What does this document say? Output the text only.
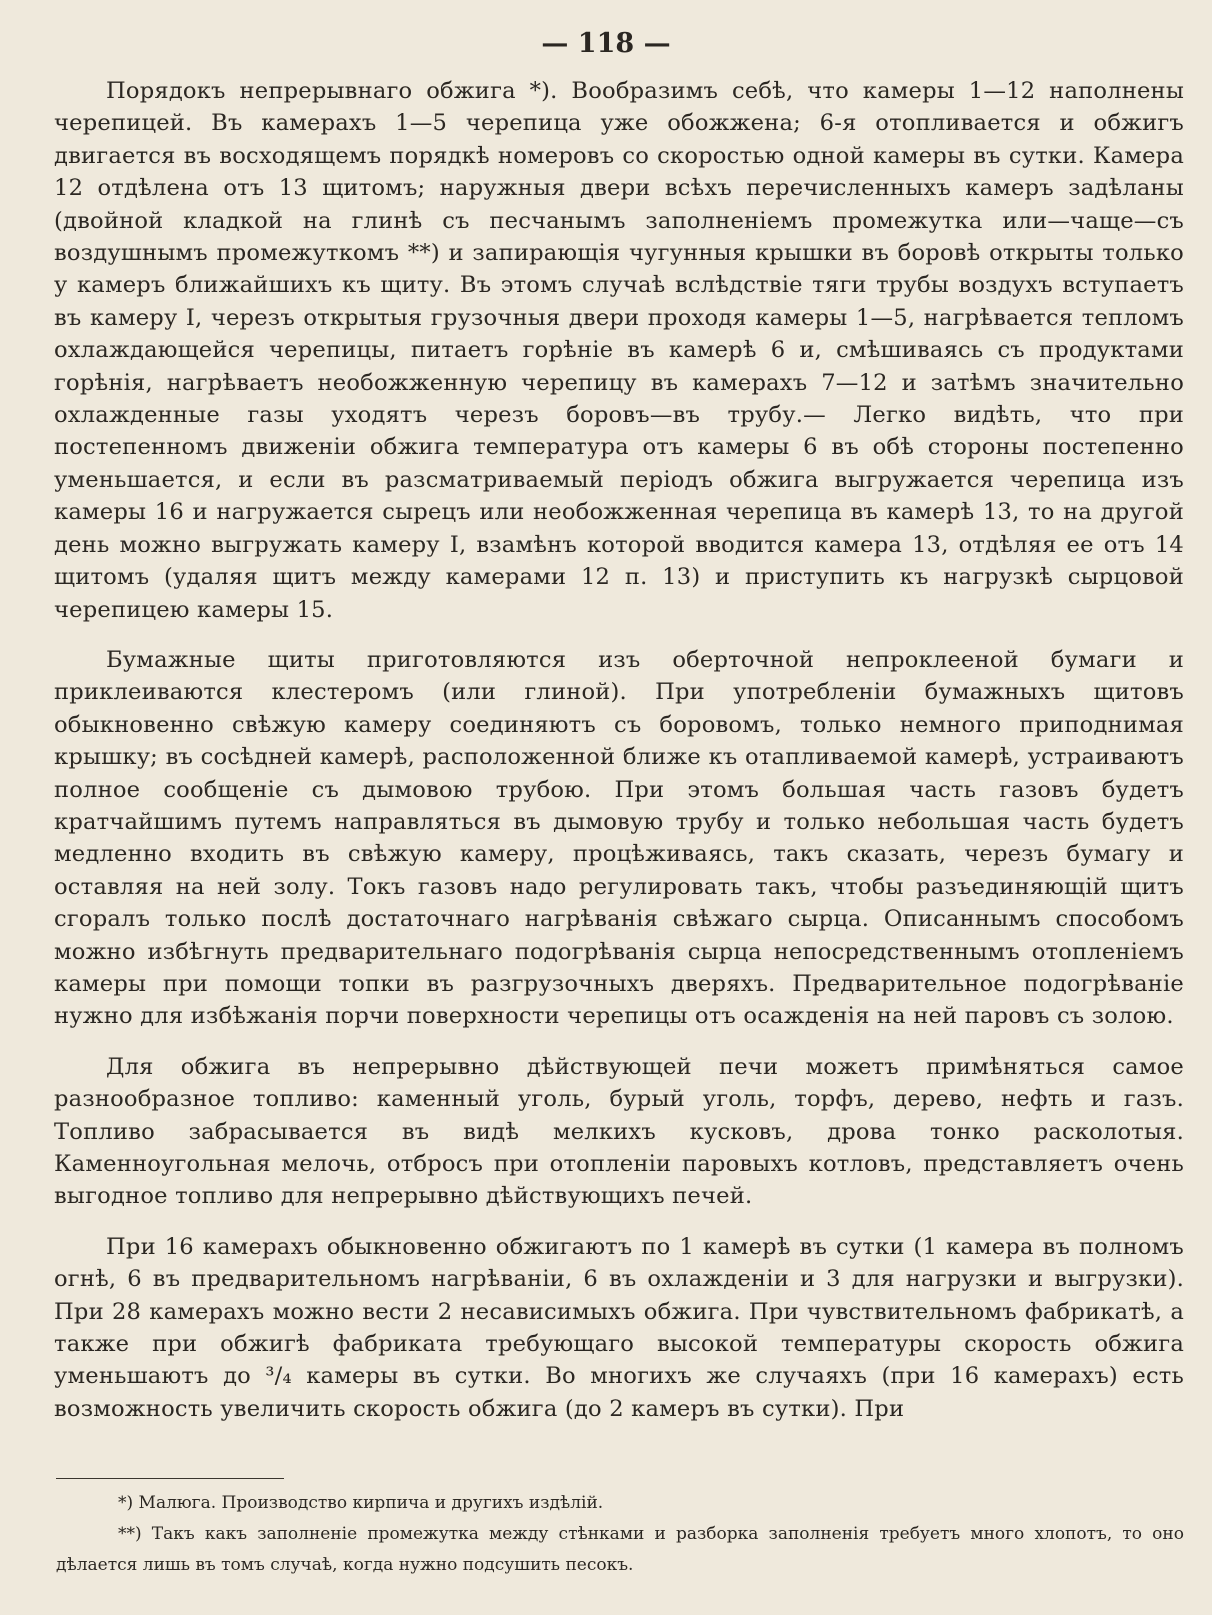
— 118 —

Порядокъ непрерывнаго обжига *). Вообразимъ себѣ, что камеры 1—12 наполнены черепицей. Въ камерахъ 1—5 черепица уже обожжена; 6-я отопливается и обжигъ двигается въ восходящемъ порядкѣ номеровъ со скоростью одной камеры въ сутки. Камера 12 отдѣлена отъ 13 щитомъ; наружныя двери всѣхъ перечисленныхъ камеръ задѣланы (двойной кладкой на глинѣ съ песчанымъ заполненіемъ промежутка или—чаще—съ воздушнымъ промежуткомъ **) и запирающія чугунныя крышки въ боровѣ открыты только у камеръ ближайшихъ къ щиту. Въ этомъ случаѣ вслѣдствіе тяги трубы воздухъ вступаетъ въ камеру I, черезъ открытыя грузочныя двери проходя камеры 1—5, нагрѣвается тепломъ охлаждающейся черепицы, питаетъ горѣніе въ камерѣ 6 и, смѣшиваясь съ продуктами горѣнія, нагрѣваетъ необожженную черепицу въ камерахъ 7—12 и затѣмъ значительно охлажденные газы уходятъ черезъ боровъ—въ трубу.— Легко видѣть, что при постепенномъ движеніи обжига температура отъ камеры 6 въ обѣ стороны постепенно уменьшается, и если въ разсматриваемый періодъ обжига выгружается черепица изъ камеры 16 и нагружается сырецъ или необожженная черепица въ камерѣ 13, то на другой день можно выгружать камеру I, взамѣнъ которой вводится камера 13, отдѣляя ее отъ 14 щитомъ (удаляя щитъ между камерами 12 п. 13) и приступить къ нагрузкѣ сырцовой черепицею камеры 15.

Бумажные щиты приготовляются изъ оберточной непроклееной бумаги и приклеиваются клестеромъ (или глиной). При употребленіи бумажныхъ щитовъ обыкновенно свѣжую камеру соединяютъ съ боровомъ, только немного приподнимая крышку; въ сосѣдней камерѣ, расположенной ближе къ отапливаемой камерѣ, устраиваютъ полное сообщеніе съ дымовою трубою. При этомъ большая часть газовъ будетъ кратчайшимъ путемъ направляться въ дымовую трубу и только небольшая часть будетъ медленно входить въ свѣжую камеру, процѣживаясь, такъ сказать, черезъ бумагу и оставляя на ней золу. Токъ газовъ надо регулировать такъ, чтобы разъединяющій щитъ сгоралъ только послѣ достаточнаго нагрѣванія свѣжаго сырца. Описаннымъ способомъ можно избѣгнуть предварительнаго подогрѣванія сырца непосредственнымъ отопленіемъ камеры при помощи топки въ разгрузочныхъ дверяхъ. Предварительное подогрѣваніе нужно для избѣжанія порчи поверхности черепицы отъ осажденія на ней паровъ съ золою.

Для обжига въ непрерывно дѣйствующей печи можетъ примѣняться самое разнообразное топливо: каменный уголь, бурый уголь, торфъ, дерево, нефть и газъ. Топливо забрасывается въ видѣ мелкихъ кусковъ, дрова тонко расколотыя. Каменноугольная мелочь, отбросъ при отопленіи паровыхъ котловъ, представляетъ очень выгодное топливо для непрерывно дѣйствующихъ печей.

При 16 камерахъ обыкновенно обжигаютъ по 1 камерѣ въ сутки (1 камера въ полномъ огнѣ, 6 въ предварительномъ нагрѣваніи, 6 въ охлажденіи и 3 для нагрузки и выгрузки). При 28 камерахъ можно вести 2 несависимыхъ обжига. При чувствительномъ фабрикатѣ, а также при обжигѣ фабриката требующаго высокой температуры скорость обжига уменьшаютъ до ³/₄ камеры въ сутки. Во многихъ же случаяхъ (при 16 камерахъ) есть возможность увеличить скорость обжига (до 2 камеръ въ сутки). При

*) Малюга. Производство кирпича и другихъ издѣлій.

**) Такъ какъ заполненіе промежутка между стѣнками и разборка заполненія требуетъ много хлопотъ, то оно дѣлается лишь въ томъ случаѣ, когда нужно подсушить песокъ.
